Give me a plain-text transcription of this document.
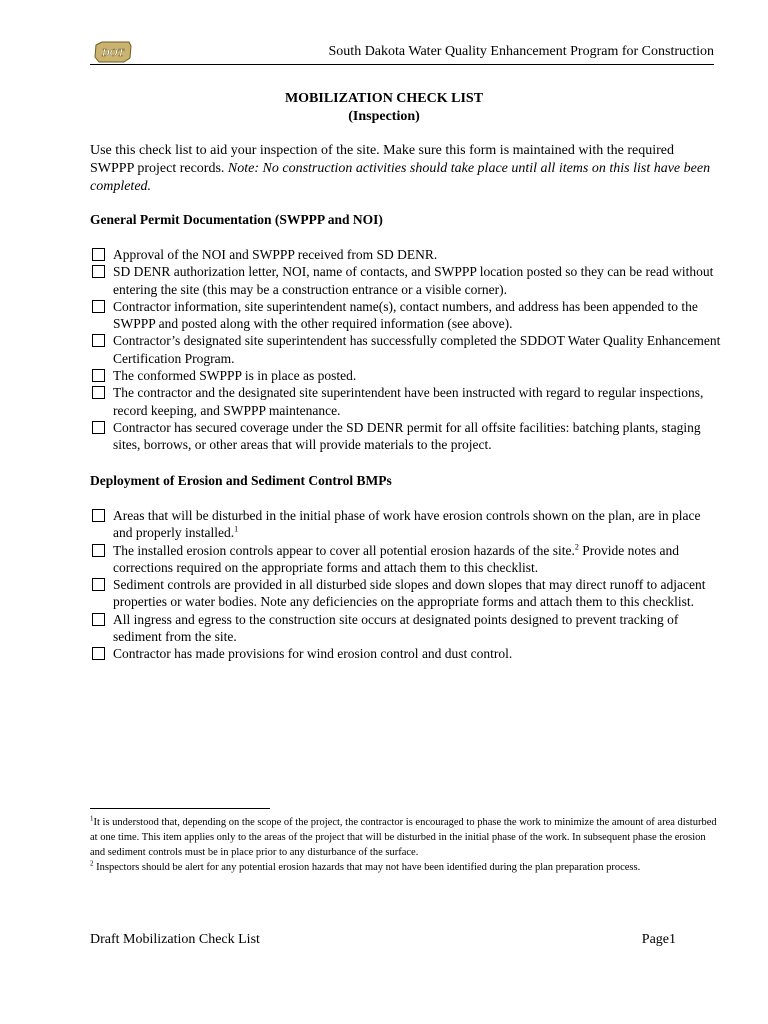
DOT	South Dakota Water Quality Enhancement Program for Construction
MOBILIZATION CHECK LIST
(Inspection)
Use this check list to aid your inspection of the site. Make sure this form is maintained with the required SWPPP project records. Note: No construction activities should take place until all items on this list have been completed.
General Permit Documentation (SWPPP and NOI)
Approval of the NOI and SWPPP received from SD DENR.
SD DENR authorization letter, NOI, name of contacts, and SWPPP location posted so they can be read without entering the site (this may be a construction entrance or a visible corner).
Contractor information, site superintendent name(s), contact numbers, and address has been appended to the SWPPP and posted along with the other required information (see above).
Contractor’s designated site superintendent has successfully completed the SDDOT Water Quality Enhancement Certification Program.
The conformed SWPPP is in place as posted.
The contractor and the designated site superintendent have been instructed with regard to regular inspections, record keeping, and SWPPP maintenance.
Contractor has secured coverage under the SD DENR permit for all offsite facilities: batching plants, staging sites, borrows, or other areas that will provide materials to the project.
Deployment of Erosion and Sediment Control BMPs
Areas that will be disturbed in the initial phase of work have erosion controls shown on the plan, are in place and properly installed.$^1$
The installed erosion controls appear to cover all potential erosion hazards of the site.$^2$ Provide notes and corrections required on the appropriate forms and attach them to this checklist.
Sediment controls are provided in all disturbed side slopes and down slopes that may direct runoff to adjacent properties or water bodies. Note any deficiencies on the appropriate forms and attach them to this checklist.
All ingress and egress to the construction site occurs at designated points designed to prevent tracking of sediment from the site.
Contractor has made provisions for wind erosion control and dust control.
$^1$It is understood that, depending on the scope of the project, the contractor is encouraged to phase the work to minimize the amount of area disturbed at one time. This item applies only to the areas of the project that will be disturbed in the initial phase of the work. In subsequent phase the erosion and sediment controls must be in place prior to any disturbance of the surface.
$^2$ Inspectors should be alert for any potential erosion hazards that may not have been identified during the plan preparation process.
Draft Mobilization Check List	Page1
